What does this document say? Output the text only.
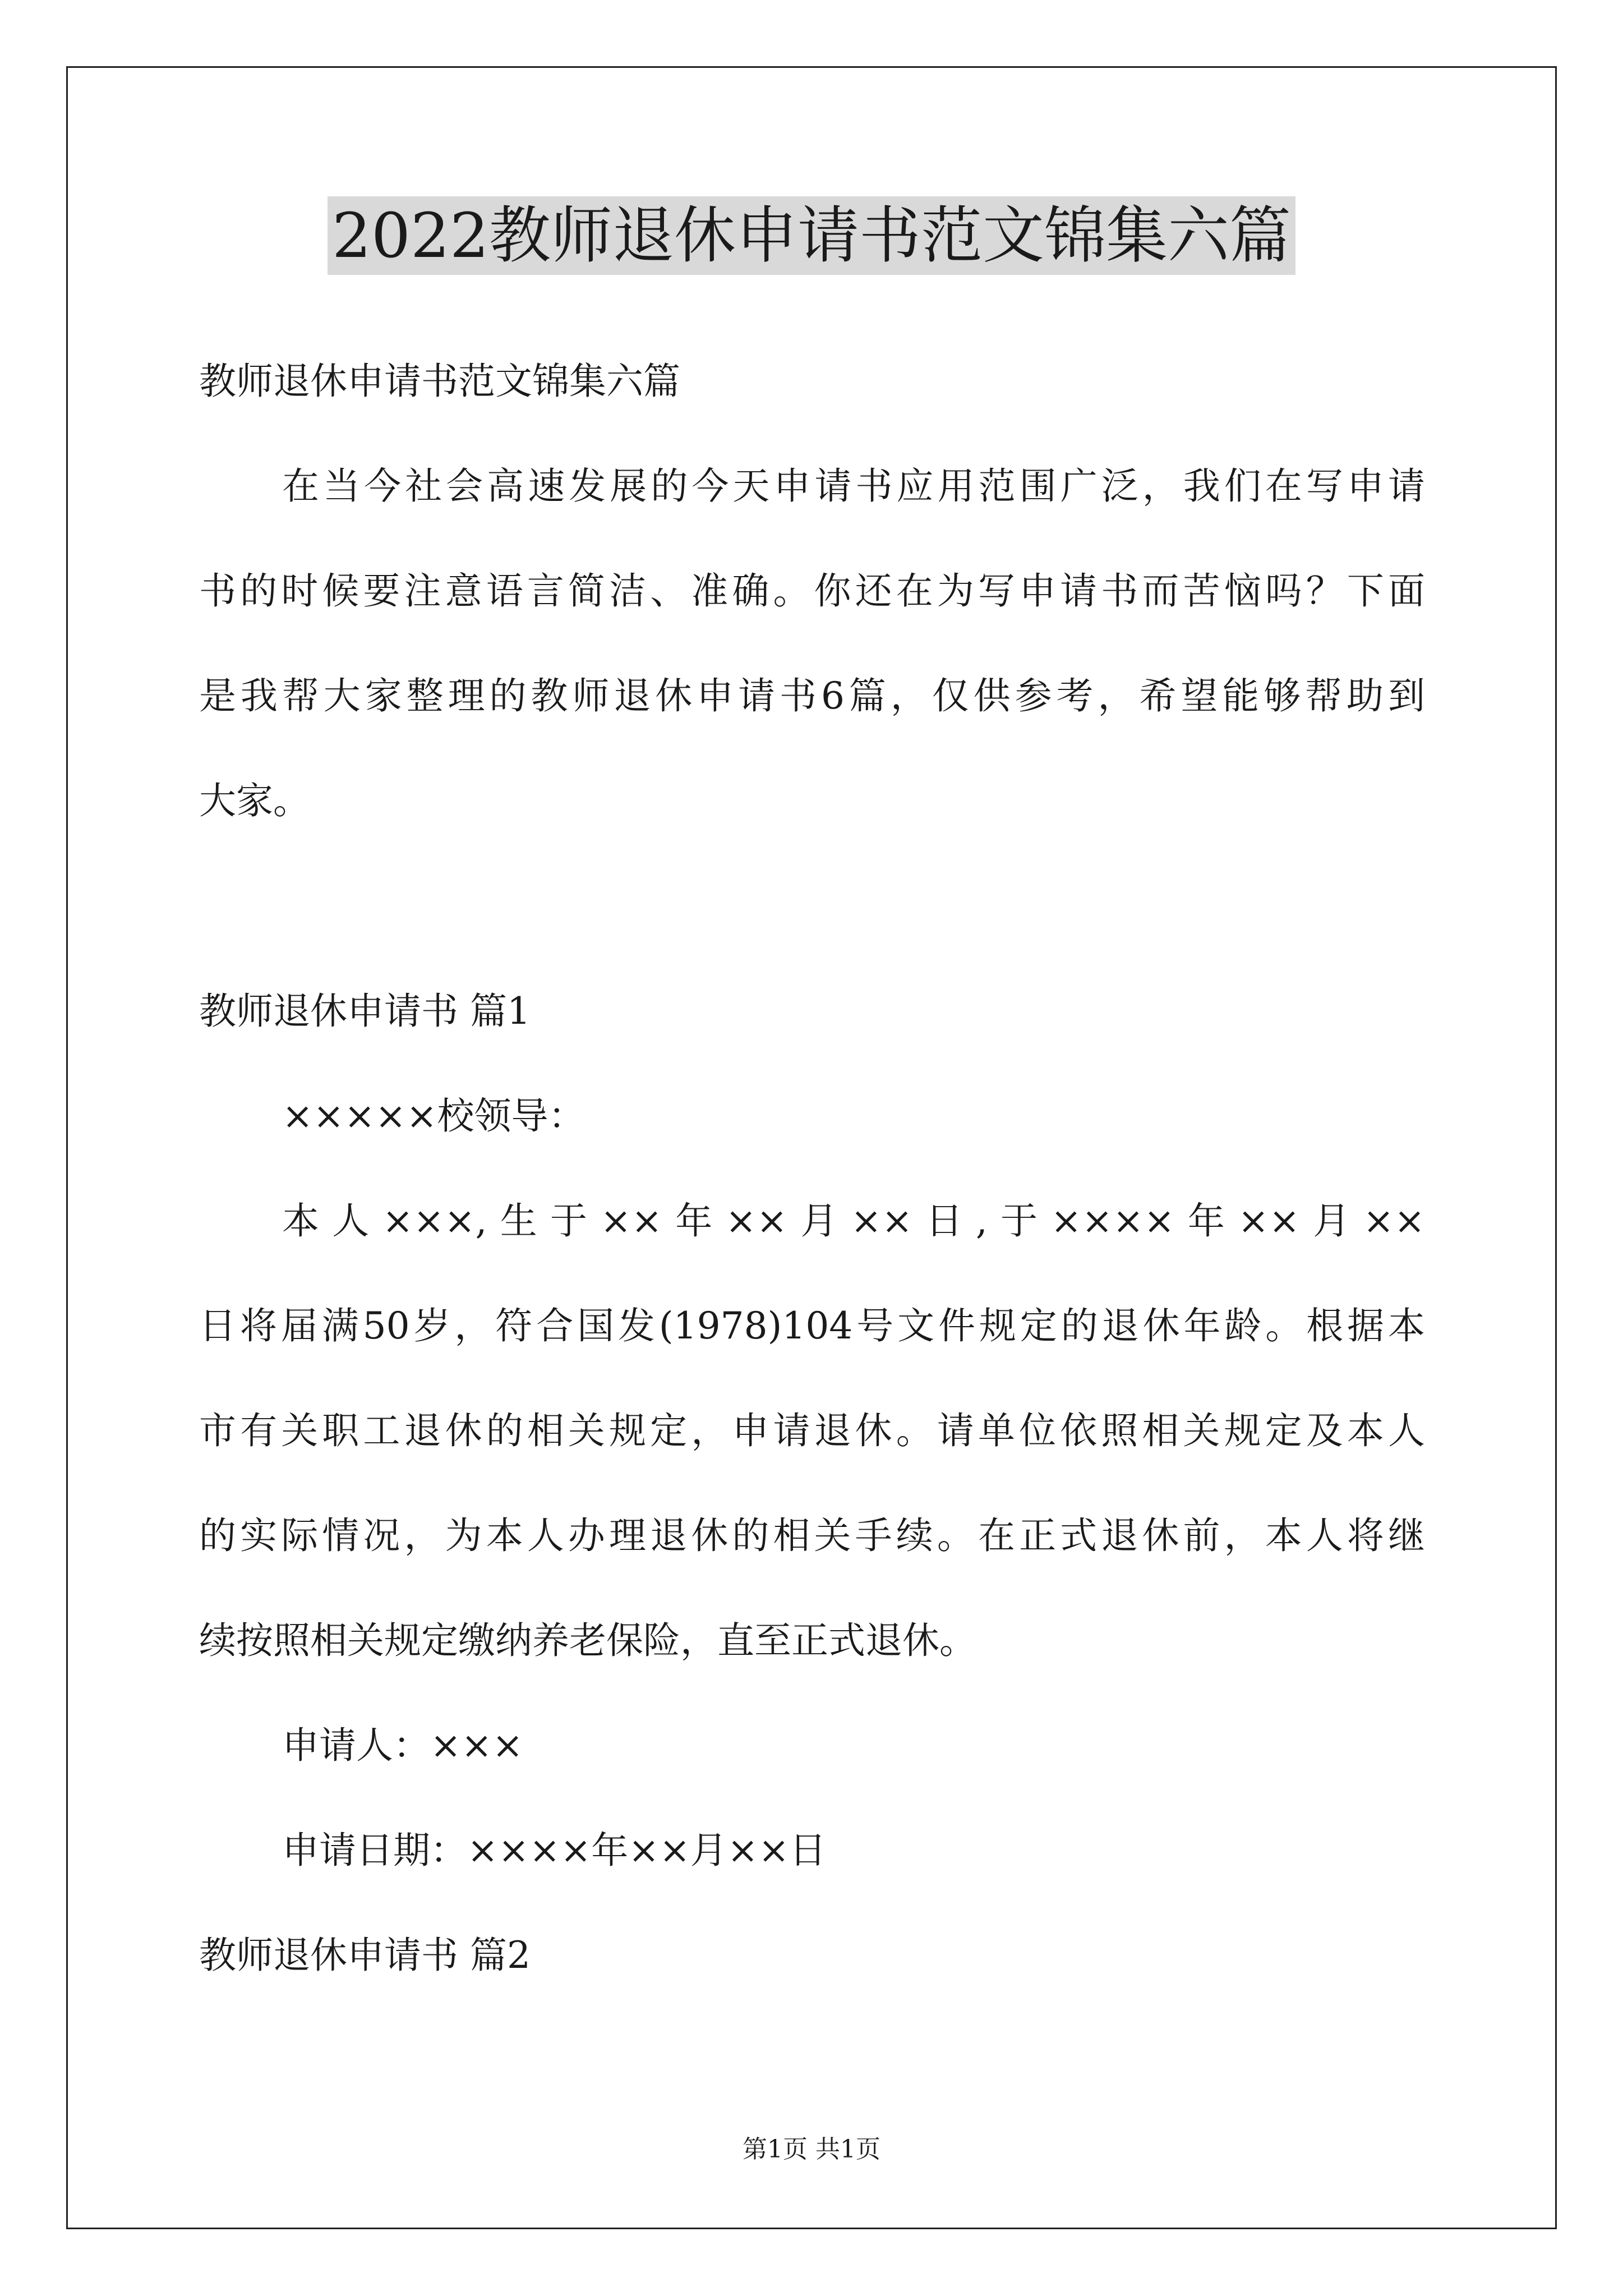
2022教师退休申请书范文锦集六篇
教师退休申请书范文锦集六篇
在当今社会高速发展的今天申请书应用范围广泛，我们在写申请
书的时候要注意语言简洁、准确。你还在为写申请书而苦恼吗？下面
是我帮大家整理的教师退休申请书6篇，仅供参考，希望能够帮助到
大家。
教师退休申请书 篇1
×××××校领导：
本人×××,生于××年××月××日,于××××年××月××
日将届满50岁，符合国发(1978)104号文件规定的退休年龄。根据本
市有关职工退休的相关规定，申请退休。请单位依照相关规定及本人
的实际情况，为本人办理退休的相关手续。在正式退休前，本人将继
续按照相关规定缴纳养老保险，直至正式退休。
申请人：×××
申请日期：××××年××月××日
教师退休申请书 篇2
第1页 共1页
